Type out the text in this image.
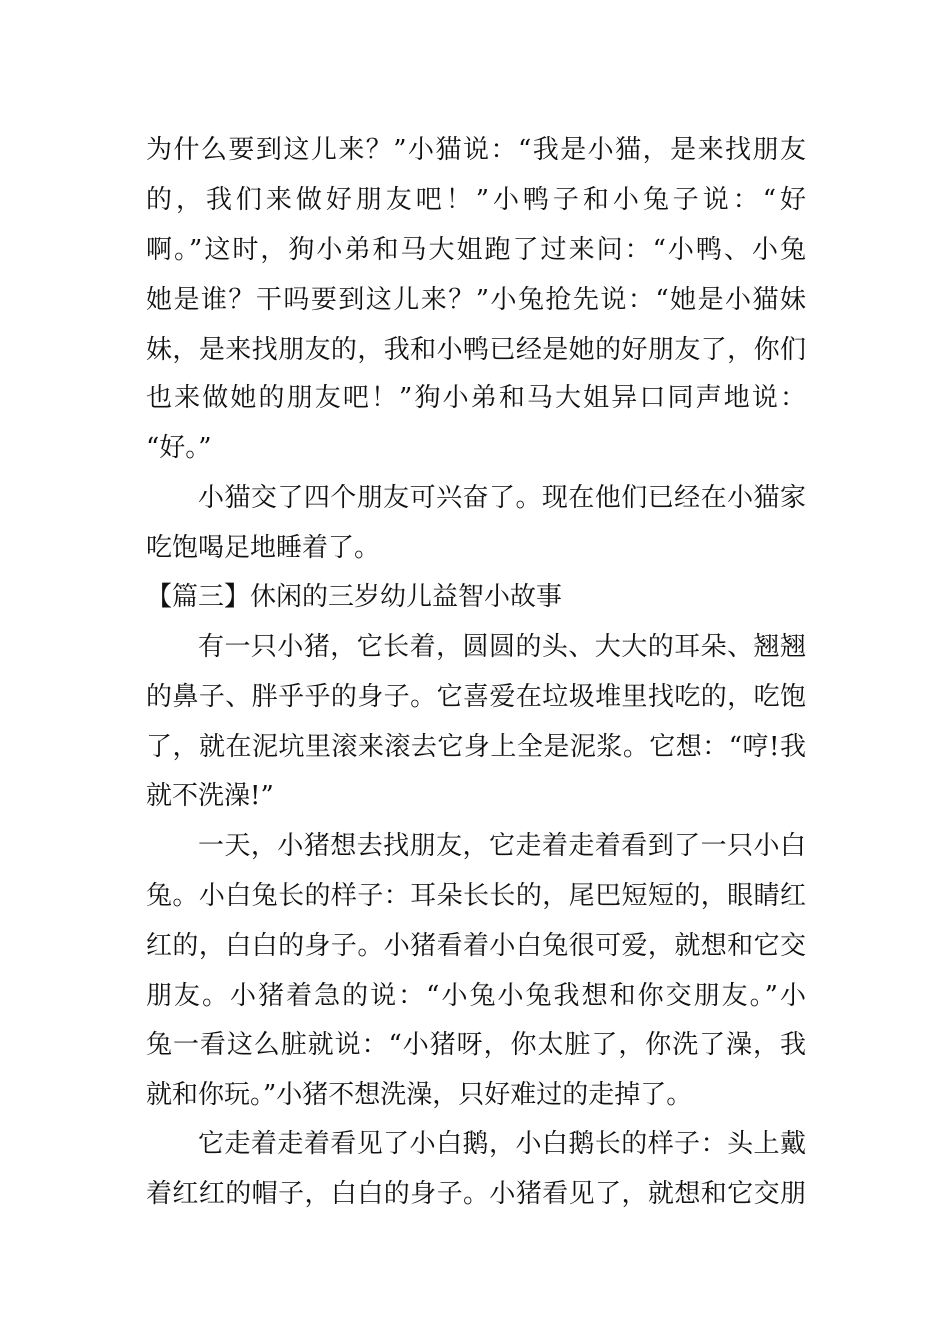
为什么要到这儿来？”小猫说：“我是小猫，是来找朋友
的，我们来做好朋友吧！”小鸭子和小兔子说：“好
啊。”这时，狗小弟和马大姐跑了过来问：“小鸭、小兔
她是谁？干吗要到这儿来？”小兔抢先说：“她是小猫妹
妹，是来找朋友的，我和小鸭已经是她的好朋友了，你们
也来做她的朋友吧！”狗小弟和马大姐异口同声地说：
“好。”
小猫交了四个朋友可兴奋了。现在他们已经在小猫家
吃饱喝足地睡着了。
【篇三】休闲的三岁幼儿益智小故事
有一只小猪，它长着，圆圆的头、大大的耳朵、翘翘
的鼻子、胖乎乎的身子。它喜爱在垃圾堆里找吃的，吃饱
了，就在泥坑里滚来滚去它身上全是泥浆。它想：“哼!我
就不洗澡!”
一天，小猪想去找朋友，它走着走着看到了一只小白
兔。小白兔长的样子：耳朵长长的，尾巴短短的，眼睛红
红的，白白的身子。小猪看着小白兔很可爱，就想和它交
朋友。小猪着急的说：“小兔小兔我想和你交朋友。”小
兔一看这么脏就说：“小猪呀，你太脏了，你洗了澡，我
就和你玩。”小猪不想洗澡，只好难过的走掉了。
它走着走着看见了小白鹅，小白鹅长的样子：头上戴
着红红的帽子，白白的身子。小猪看见了，就想和它交朋
